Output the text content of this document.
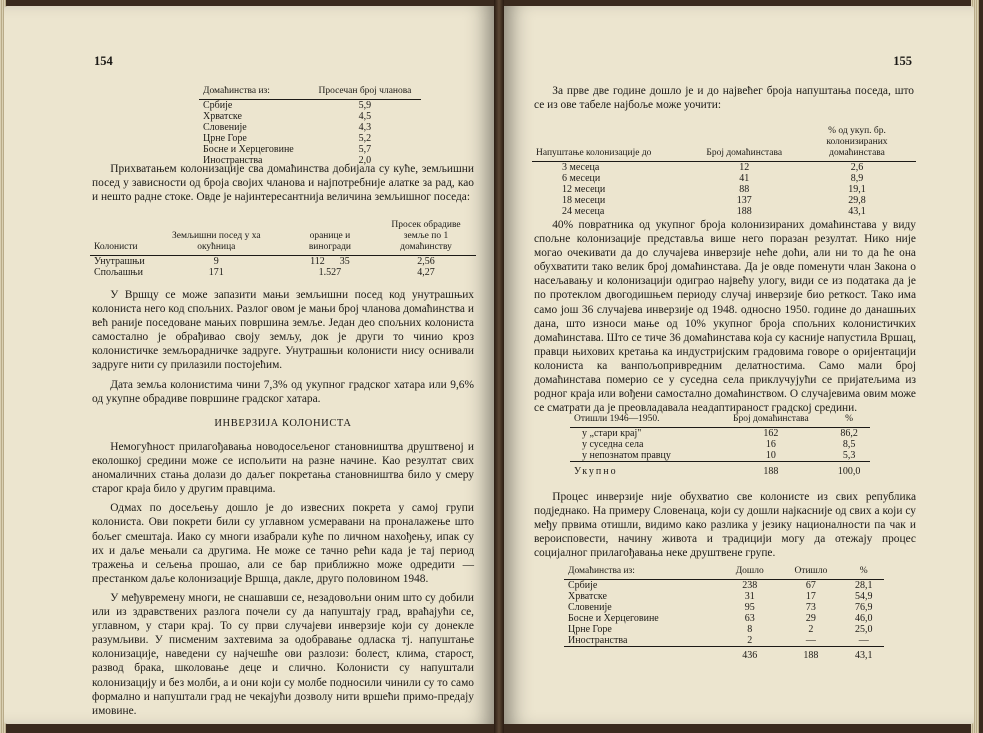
154
Домаћинства из:	Просечан број чланова
Србије	5,9
Хрватске	4,5
Словеније	4,3
Црне Горе	5,2
Босне и Херцеговине	5,7
Иностранства	2,0

Прихватањем колонизације сва домаћинства добијала су куће, земљишни посед у зависности од броја својих чланова и најпотребније алатке за рад, као и нешто радне стоке. Овде је најинтересантнија величина земљишног поседа:

Колонисти	Земљишни посед у ха окућница	оранице и виногради	Просек обрадиве земље по 1 домаћинству
Унутрашњи	9	112 35	2,56
Спољашњи	171	1.527	4,27

У Вршцу се може запазити мањи земљишни посед код унутрашњих колониста него код спољних. Разлог овом је мањи број чланова домаћинства и већ раније поседоване мањих површина земље. Један део спољних колониста самостално је обрађивао своју земљу, док је други то чинио кроз колонистичке земљорадничке задруге. Унутрашњи колонисти нису оснивали задруге нити су прилазили постојећим.

Дата земља колонистима чини 7,3% од укупног градског хатара или 9,6% од укупне обрадиве површине градског хатара.

ИНВЕРЗИЈА КОЛОНИСТА

Немогућност прилагођавања новодосељеног становништва друштвеној и еколошкој средини може се испољити на разне начине. Као резултат свих аномаличних стања долази до даљег покретања становништва било у смеру старог краја било у другим правцима.

Одмах по досељењу дошло је до извесних покрета у самој групи колониста. Ови покрети били су углавном усмеравани на проналажење што бољег смештаја. Иако су многи изабрали куће по личном нахођењу, ипак су их и даље мењали са другима. Не може се тачно рећи када је тај период тражења и сељења прошао, али се бар приближно може одредити — престанком даље колонизације Вршца, дакле, друго половином 1948.

У међувремену многи, не снашавши се, незадовољни оним што су добили или из здравствених разлога почели су да напуштају град, враћајући се, углавном, у стари крај. То су први случајеви инверзије који су донекле разумљиви. У писменим захтевима за одобравање одласка тј. напуштање колонизације, наведени су најчешће ови разлози: болест, клима, старост, развод брака, школовање деце и слично. Колонисти су напуштали колонизацију и без молби, а и они који су молбе подносили чинили су то само формално и напуштали град не чекајући дозволу нити вршећи примо-предају имовине.

155

За прве две године дошло је и до највећег броја напуштања поседа, што се из ове табеле најбоље може уочити:

Напуштање колонизације до	Број домаћинстава	% од укуп. бр. колонизираних домаћинстава
3 месеца	12	2,6
6 месеци	41	8,9
12 месеци	88	19,1
18 месеци	137	29,8
24 месеца	188	43,1

40% повратника од укупног броја колонизираних домаћинстава у виду спољне колонизације представља више него поразан резултат. Нико није могао очекивати да до случајева инверзије неће доћи, али ни то да ће она обухватити тако велик број домаћинстава. Да је овде поменути члан Закона о насељавању и колонизацији одиграо највећу улогу, види се из података да је по протеклом двогодишњем периоду случај инверзије био реткост. Тако има само још 36 случајева инверзије од 1948. односно 1950. године до данашњих дана, што износи мање од 10% укупног броја спољних колонистичких домаћинстава. Што се тиче 36 домаћинстава која су касније напустила Вршац, правци њихових кретања ка индустријским градовима говоре о оријентацији колониста ка ванпољопривредним делатностима. Само мали број домаћинстава померио се у суседна села приклучујући се пријатељима из родног краја или вођени самостално домаћинством. О случајевима овим може се сматрати да је преовладавала неадаптираност градској средини.

Отишли 1946—1950.	Број домаћинстава	%
у „стари крај"	162	86,2
у суседна села	16	8,5
у непознатом правцу	10	5,3
Укупно	188	100,0

Процес инверзије није обухватио све колонисте из свих република подједнако. На примеру Словенаца, који су дошли најкасније од свих а који су међу првима отишли, видимо како разлика у језику националности па чак и вероисповести, начину живота и традицији могу да отежају процес социјалног прилагођавања неке друштвене групе.

Домаћинства из:	Дошло	Отишло	%
Србије	238	67	28,1
Хрватске	31	17	54,9
Словеније	95	73	76,9
Босне и Херцеговине	63	29	46,0
Црне Горе	8	2	25,0
Иностранства	2	—	—
	436	188	43,1
